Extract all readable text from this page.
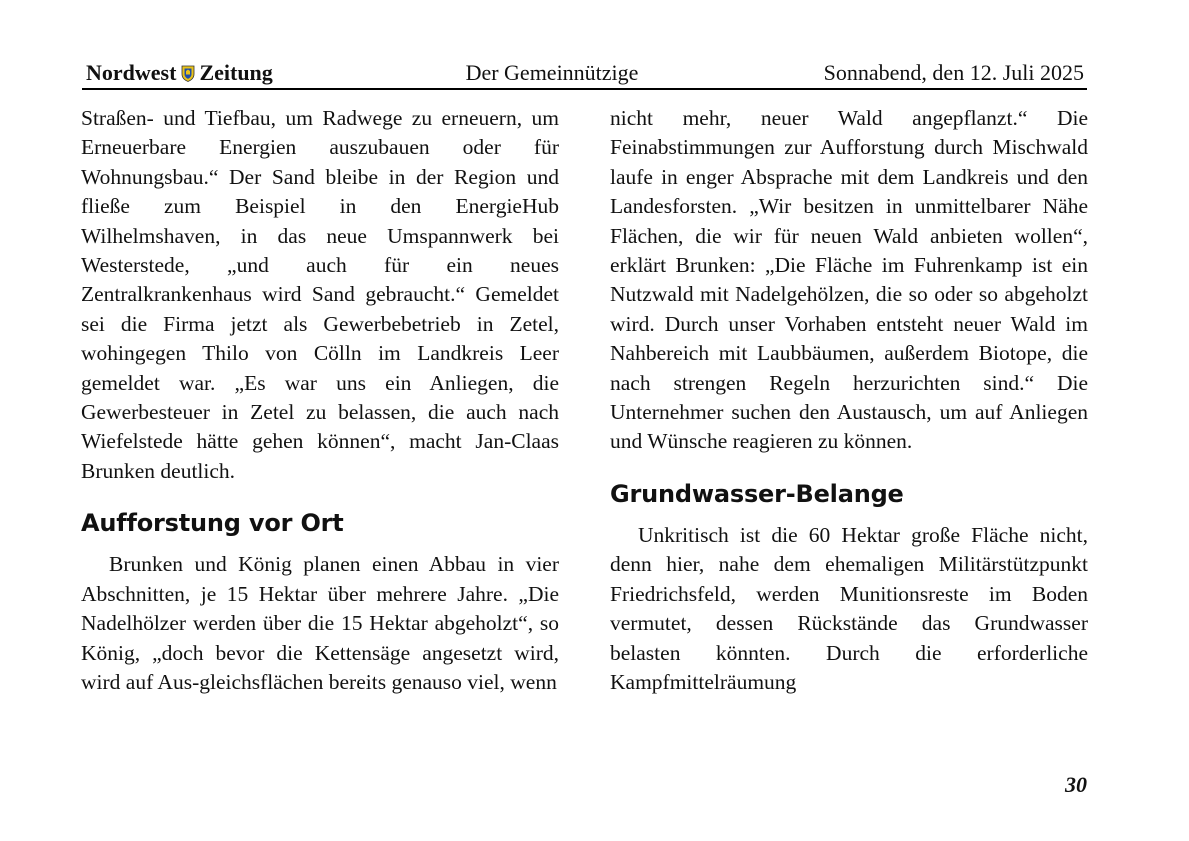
Nordwest Zeitung	Der Gemeinnützige	Sonnabend, den 12. Juli 2025

Straßen- und Tiefbau, um Radwege zu erneuern, um Erneuerbare Energien auszubauen oder für Wohnungsbau.“ Der Sand bleibe in der Region und fließe zum Beispiel in den EnergieHub Wilhelmshaven, in das neue Umspannwerk bei Westerstede, „und auch für ein neues Zentralkrankenhaus wird Sand gebraucht.“ Gemeldet sei die Firma jetzt als Gewerbebetrieb in Zetel, wohingegen Thilo von Cölln im Landkreis Leer gemeldet war. „Es war uns ein Anliegen, die Gewerbesteuer in Zetel zu belassen, die auch nach Wiefelstede hätte gehen können“, macht Jan-Claas Brunken deutlich.

Aufforstung vor Ort

Brunken und König planen einen Abbau in vier Abschnitten, je 15 Hektar über mehrere Jahre. „Die Nadelhölzer werden über die 15 Hektar abgeholzt“, so König, „doch bevor die Kettensäge angesetzt wird, wird auf Aus-gleichsflächen bereits genauso viel, wenn

nicht mehr, neuer Wald angepflanzt.“ Die Feinabstimmungen zur Aufforstung durch Mischwald laufe in enger Absprache mit dem Landkreis und den Landesforsten. „Wir besitzen in unmittelbarer Nähe Flächen, die wir für neuen Wald anbieten wollen“, erklärt Brunken: „Die Fläche im Fuhrenkamp ist ein Nutzwald mit Nadelgehölzen, die so oder so abgeholzt wird. Durch unser Vorhaben entsteht neuer Wald im Nahbereich mit Laubbäumen, außerdem Biotope, die nach strengen Regeln herzurichten sind.“ Die Unternehmer suchen den Austausch, um auf Anliegen und Wünsche reagieren zu können.

Grundwasser-Belange

Unkritisch ist die 60 Hektar große Fläche nicht, denn hier, nahe dem ehemaligen Militärstützpunkt Friedrichsfeld, werden Munitionsreste im Boden vermutet, dessen Rückstände das Grundwasser belasten könnten. Durch die erforderliche Kampfmittelräumung

30
